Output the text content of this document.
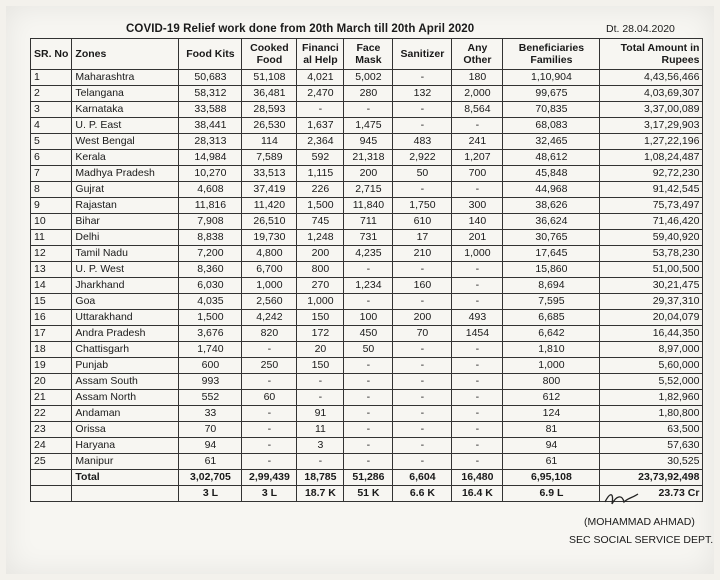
COVID-19 Relief work done from 20th March till 20th April 2020	Dt. 28.04.2020
SR. No	Zones	Food Kits	Cooked Food	Financi al Help	Face Mask	Sanitizer	Any Other	Beneficiaries Families	Total Amount in Rupees
1	Maharashtra	50,683	51,108	4,021	5,002	-	180	1,10,904	4,43,56,466
2	Telangana	58,312	36,481	2,470	280	132	2,000	99,675	4,03,69,307
3	Karnataka	33,588	28,593	-	-	-	8,564	70,835	3,37,00,089
4	U. P. East	38,441	26,530	1,637	1,475	-	-	68,083	3,17,29,903
5	West Bengal	28,313	114	2,364	945	483	241	32,465	1,27,22,196
6	Kerala	14,984	7,589	592	21,318	2,922	1,207	48,612	1,08,24,487
7	Madhya Pradesh	10,270	33,513	1,115	200	50	700	45,848	92,72,230
8	Gujrat	4,608	37,419	226	2,715	-	-	44,968	91,42,545
9	Rajastan	11,816	11,420	1,500	11,840	1,750	300	38,626	75,73,497
10	Bihar	7,908	26,510	745	711	610	140	36,624	71,46,420
11	Delhi	8,838	19,730	1,248	731	17	201	30,765	59,40,920
12	Tamil Nadu	7,200	4,800	200	4,235	210	1,000	17,645	53,78,230
13	U. P. West	8,360	6,700	800	-	-	-	15,860	51,00,500
14	Jharkhand	6,030	1,000	270	1,234	160	-	8,694	30,21,475
15	Goa	4,035	2,560	1,000	-	-	-	7,595	29,37,310
16	Uttarakhand	1,500	4,242	150	100	200	493	6,685	20,04,079
17	Andra Pradesh	3,676	820	172	450	70	1454	6,642	16,44,350
18	Chattisgarh	1,740	-	20	50	-	-	1,810	8,97,000
19	Punjab	600	250	150	-	-	-	1,000	5,60,000
20	Assam South	993	-	-	-	-	-	800	5,52,000
21	Assam North	552	60	-	-	-	-	612	1,82,960
22	Andaman	33	-	91	-	-	-	124	1,80,800
23	Orissa	70	-	11	-	-	-	81	63,500
24	Haryana	94	-	3	-	-	-	94	57,630
25	Manipur	61	-	-	-	-	-	61	30,525
	Total	3,02,705	2,99,439	18,785	51,286	6,604	16,480	6,95,108	23,73,92,498
		3 L	3 L	18.7 K	51 K	6.6 K	16.4 K	6.9 L	23.73 Cr
(MOHAMMAD AHMAD)
SEC SOCIAL SERVICE DEPT.
